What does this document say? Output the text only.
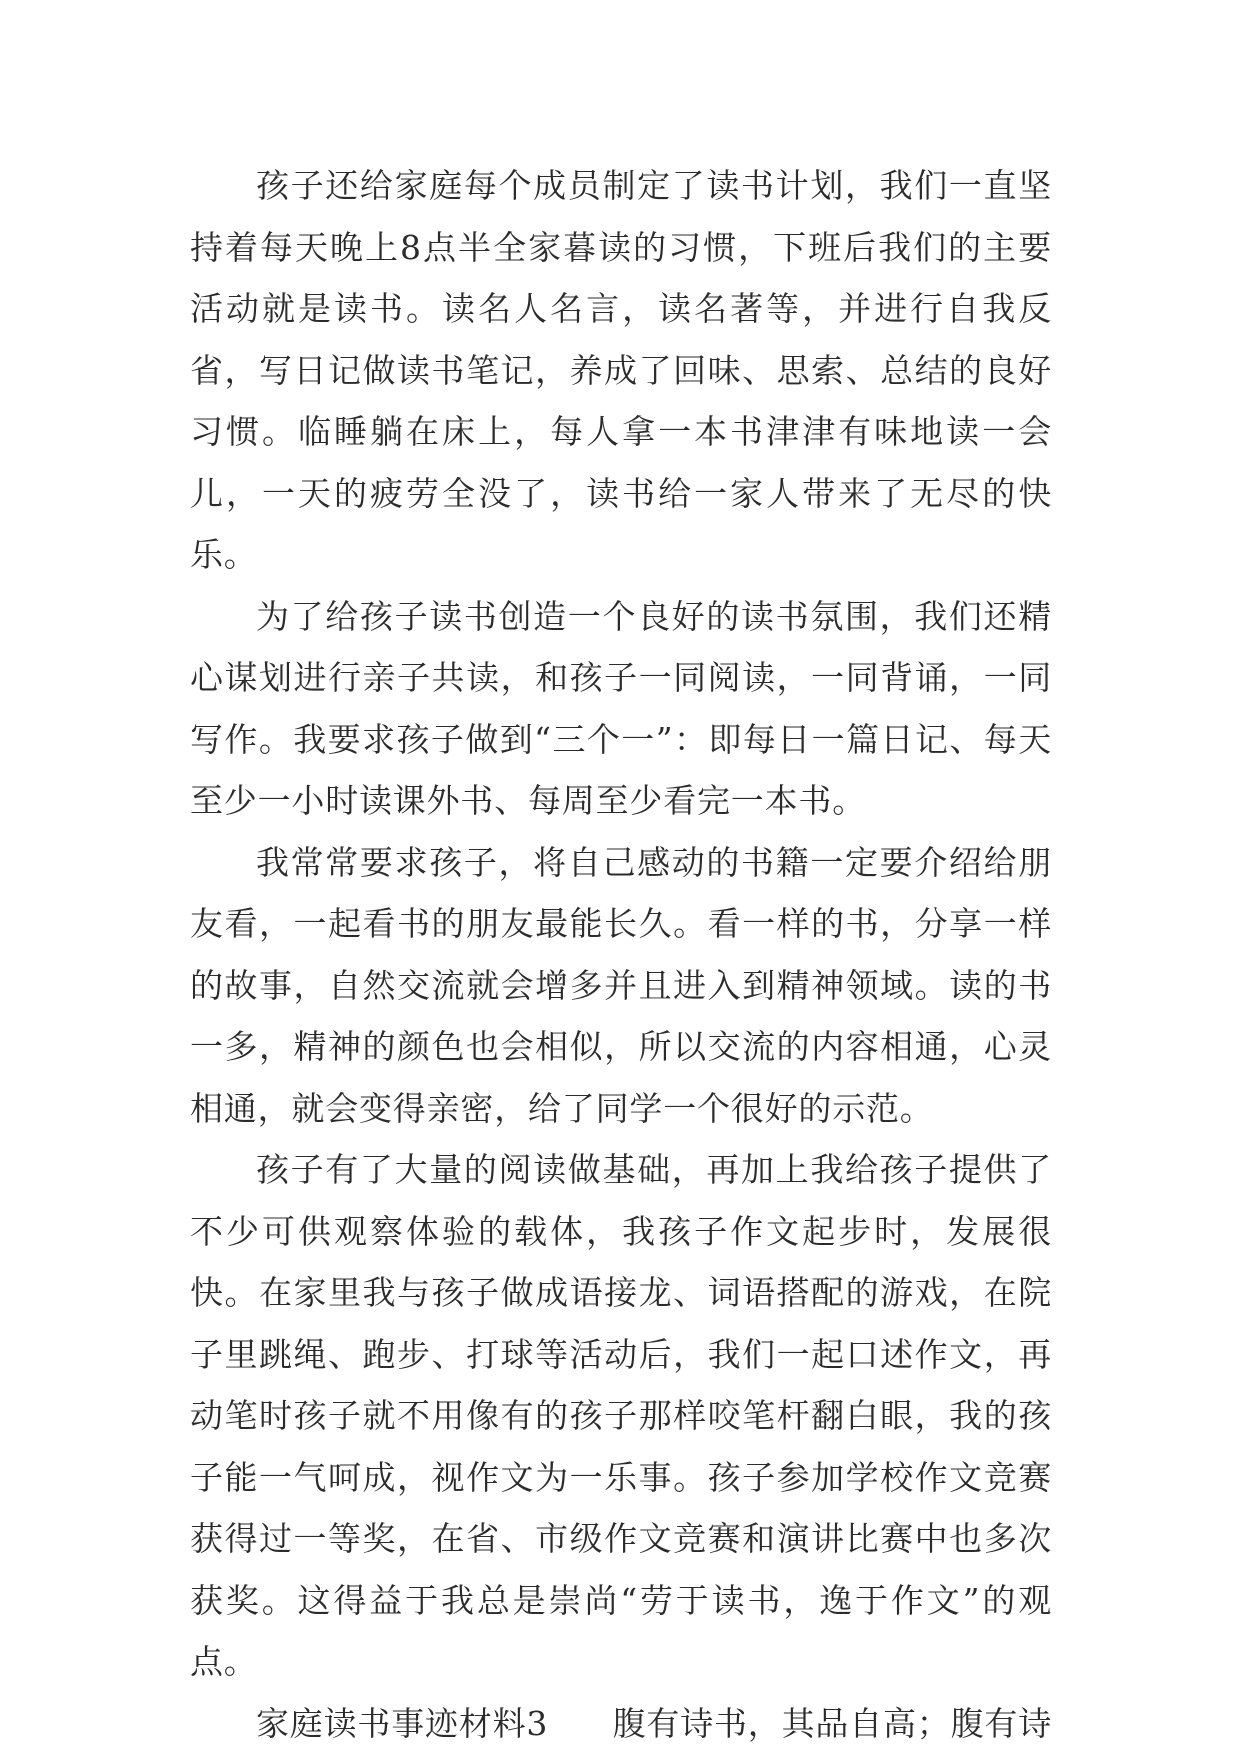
孩子还给家庭每个成员制定了读书计划，我们一直坚持着每天晚上8点半全家暮读的习惯，下班后我们的主要活动就是读书。读名人名言，读名著等，并进行自我反省，写日记做读书笔记，养成了回味、思索、总结的良好习惯。临睡躺在床上，每人拿一本书津津有味地读一会儿，一天的疲劳全没了，读书给一家人带来了无尽的快乐。

为了给孩子读书创造一个良好的读书氛围，我们还精心谋划进行亲子共读，和孩子一同阅读，一同背诵，一同写作。我要求孩子做到“三个一”：即每日一篇日记、每天至少一小时读课外书、每周至少看完一本书。

我常常要求孩子，将自己感动的书籍一定要介绍给朋友看，一起看书的朋友最能长久。看一样的书，分享一样的故事，自然交流就会增多并且进入到精神领域。读的书一多，精神的颜色也会相似，所以交流的内容相通，心灵相通，就会变得亲密，给了同学一个很好的示范。

孩子有了大量的阅读做基础，再加上我给孩子提供了不少可供观察体验的载体，我孩子作文起步时，发展很快。在家里我与孩子做成语接龙、词语搭配的游戏，在院子里跳绳、跑步、打球等活动后，我们一起口述作文，再动笔时孩子就不用像有的孩子那样咬笔杆翻白眼，我的孩子能一气呵成，视作文为一乐事。孩子参加学校作文竞赛获得过一等奖，在省、市级作文竞赛和演讲比赛中也多次获奖。这得益于我总是崇尚“劳于读书，逸于作文”的观点。

家庭读书事迹材料3 腹有诗书，其品自高；腹有诗
